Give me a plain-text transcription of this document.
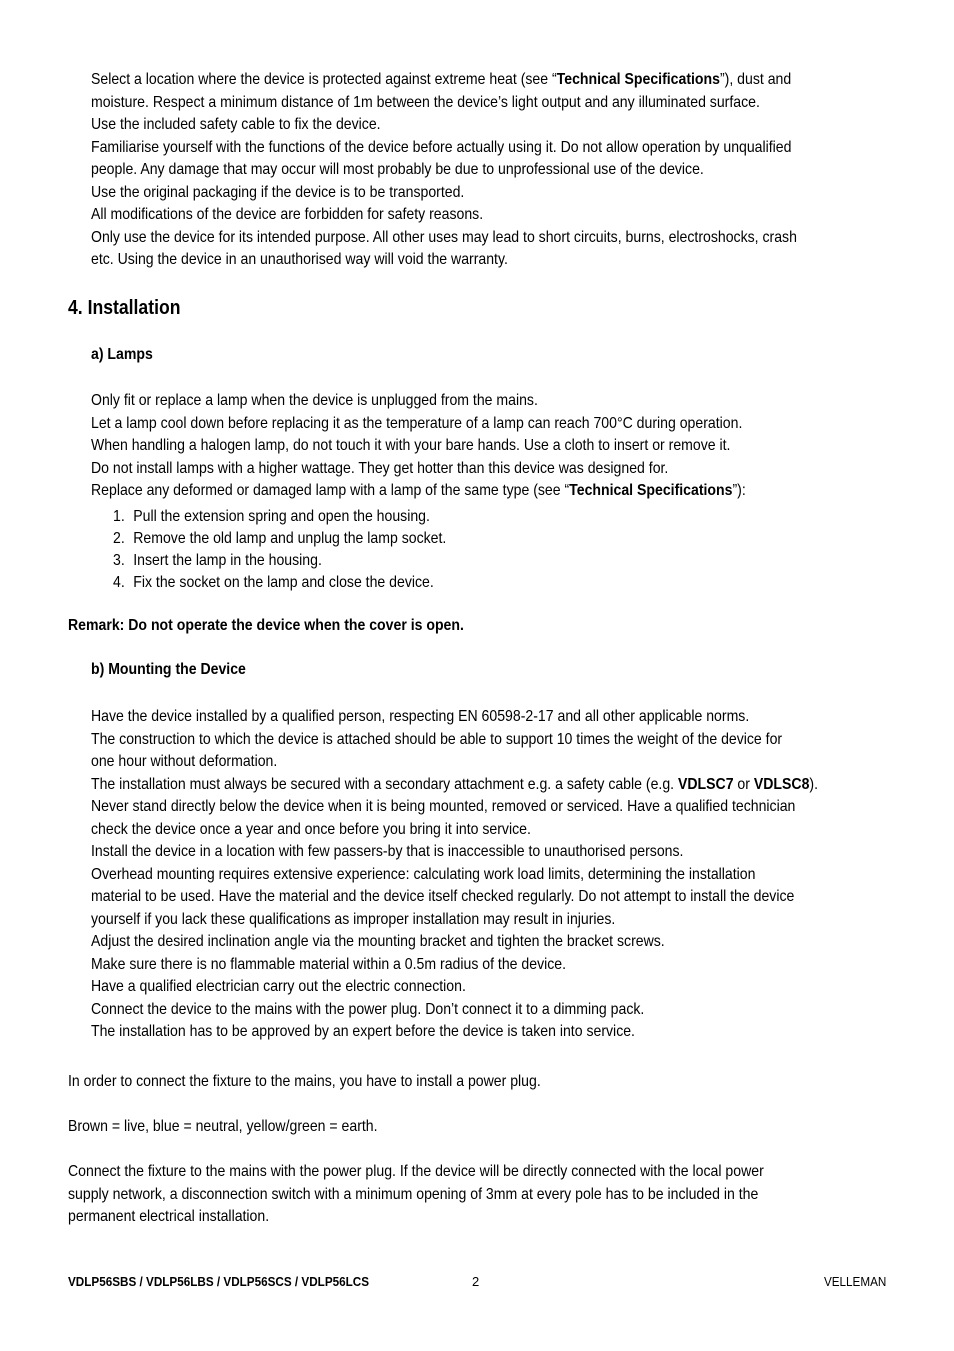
Select a location where the device is protected against extreme heat (see “Technical Specifications”), dust and
moisture. Respect a minimum distance of 1m between the device’s light output and any illuminated surface.
Use the included safety cable to fix the device.
Familiarise yourself with the functions of the device before actually using it. Do not allow operation by unqualified
people. Any damage that may occur will most probably be due to unprofessional use of the device.
Use the original packaging if the device is to be transported.
All modifications of the device are forbidden for safety reasons.
Only use the device for its intended purpose. All other uses may lead to short circuits, burns, electroshocks, crash
etc. Using the device in an unauthorised way will void the warranty.
4. Installation
a) Lamps
Only fit or replace a lamp when the device is unplugged from the mains.
Let a lamp cool down before replacing it as the temperature of a lamp can reach 700°C during operation.
When handling a halogen lamp, do not touch it with your bare hands. Use a cloth to insert or remove it.
Do not install lamps with a higher wattage. They get hotter than this device was designed for.
Replace any deformed or damaged lamp with a lamp of the same type (see “Technical Specifications”):
1. Pull the extension spring and open the housing.
2. Remove the old lamp and unplug the lamp socket.
3. Insert the lamp in the housing.
4. Fix the socket on the lamp and close the device.
Remark: Do not operate the device when the cover is open.
b) Mounting the Device
Have the device installed by a qualified person, respecting EN 60598-2-17 and all other applicable norms.
The construction to which the device is attached should be able to support 10 times the weight of the device for
one hour without deformation.
The installation must always be secured with a secondary attachment e.g. a safety cable (e.g. VDLSC7 or VDLSC8).
Never stand directly below the device when it is being mounted, removed or serviced. Have a qualified technician
check the device once a year and once before you bring it into service.
Install the device in a location with few passers-by that is inaccessible to unauthorised persons.
Overhead mounting requires extensive experience: calculating work load limits, determining the installation
material to be used. Have the material and the device itself checked regularly. Do not attempt to install the device
yourself if you lack these qualifications as improper installation may result in injuries.
Adjust the desired inclination angle via the mounting bracket and tighten the bracket screws.
Make sure there is no flammable material within a 0.5m radius of the device.
Have a qualified electrician carry out the electric connection.
Connect the device to the mains with the power plug. Don’t connect it to a dimming pack.
The installation has to be approved by an expert before the device is taken into service.
In order to connect the fixture to the mains, you have to install a power plug.
Brown = live, blue = neutral, yellow/green = earth.
Connect the fixture to the mains with the power plug. If the device will be directly connected with the local power
supply network, a disconnection switch with a minimum opening of 3mm at every pole has to be included in the
permanent electrical installation.
VDLP56SBS / VDLP56LBS / VDLP56SCS / VDLP56LCS	2	VELLEMAN
